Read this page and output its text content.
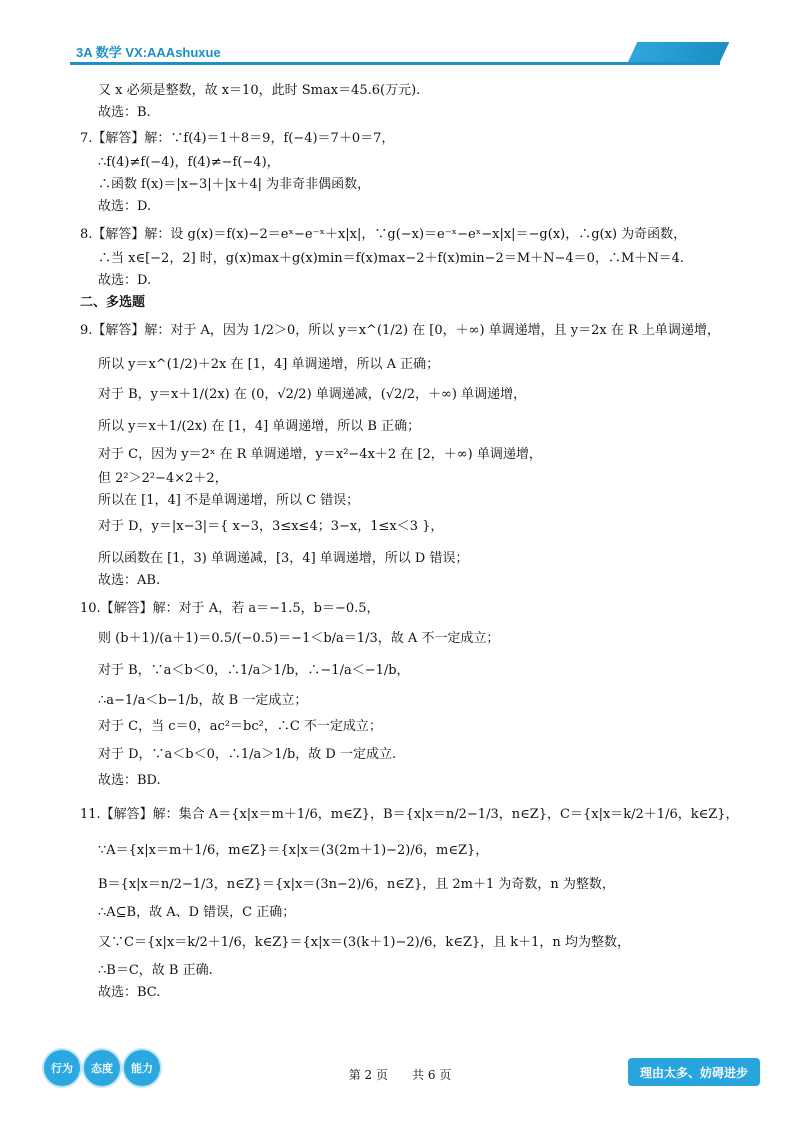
3A 数学 VX:AAAshuxue
又 x 必须是整数，故 x＝10，此时 Smax＝45.6(万元).
故选：B.
7.【解答】解：∵f(4)＝1＋8＝9，f(−4)＝7＋0＝7，
∴f(4)≠f(−4)，f(4)≠−f(−4)，
∴函数 f(x)＝|x−3|＋|x＋4| 为非奇非偶函数，
故选：D.
8.【解答】解：设 g(x)＝f(x)−2＝eˣ−e⁻ˣ＋x|x|，∵g(−x)＝e⁻ˣ−eˣ−x|x|＝−g(x)，∴g(x) 为奇函数，
∴当 x∈[−2，2] 时，g(x)max＋g(x)min＝f(x)max−2＋f(x)min−2＝M＋N−4＝0，∴M＋N＝4.
故选：D.
二、多选题
9.【解答】解：对于 A，因为 1/2＞0，所以 y＝x^(1/2) 在 [0，＋∞) 单调递增，且 y＝2x 在 R 上单调递增，
所以 y＝x^(1/2)＋2x 在 [1，4] 单调递增，所以 A 正确；
对于 B，y＝x＋1/(2x) 在 (0，√2/2) 单调递减，(√2/2，＋∞) 单调递增，
所以 y＝x＋1/(2x) 在 [1，4] 单调递增，所以 B 正确；
对于 C，因为 y＝2ˣ 在 R 单调递增，y＝x²−4x＋2 在 [2，＋∞) 单调递增，
但 2²＞2²−4×2＋2，
所以在 [1，4] 不是单调递增，所以 C 错误；
对于 D，y＝|x−3|＝{ x−3，3≤x≤4；3−x，1≤x＜3 }，
所以函数在 [1，3) 单调递减，[3，4] 单调递增，所以 D 错误；
故选：AB.
10.【解答】解：对于 A，若 a＝−1.5，b＝−0.5，
则 (b＋1)/(a＋1)＝0.5/(−0.5)＝−1＜b/a＝1/3，故 A 不一定成立；
对于 B，∵a＜b＜0，∴1/a＞1/b，∴−1/a＜−1/b，
∴a−1/a＜b−1/b，故 B 一定成立；
对于 C，当 c＝0，ac²＝bc²，∴C 不一定成立；
对于 D，∵a＜b＜0，∴1/a＞1/b，故 D 一定成立.
故选：BD.
11.【解答】解：集合 A＝{x|x＝m＋1/6，m∈Z}，B＝{x|x＝n/2−1/3，n∈Z}，C＝{x|x＝k/2＋1/6，k∈Z}，
∵A＝{x|x＝m＋1/6，m∈Z}＝{x|x＝(3(2m＋1)−2)/6，m∈Z}，
B＝{x|x＝n/2−1/3，n∈Z}＝{x|x＝(3n−2)/6，n∈Z}，且 2m＋1 为奇数，n 为整数，
∴A⊆B，故 A、D 错误，C 正确；
又∵C＝{x|x＝k/2＋1/6，k∈Z}＝{x|x＝(3(k＋1)−2)/6，k∈Z}，且 k＋1，n 均为整数，
∴B＝C，故 B 正确.
故选：BC.
行为	态度	能力	第 2 页　　共 6 页	理由太多、妨碍进步
